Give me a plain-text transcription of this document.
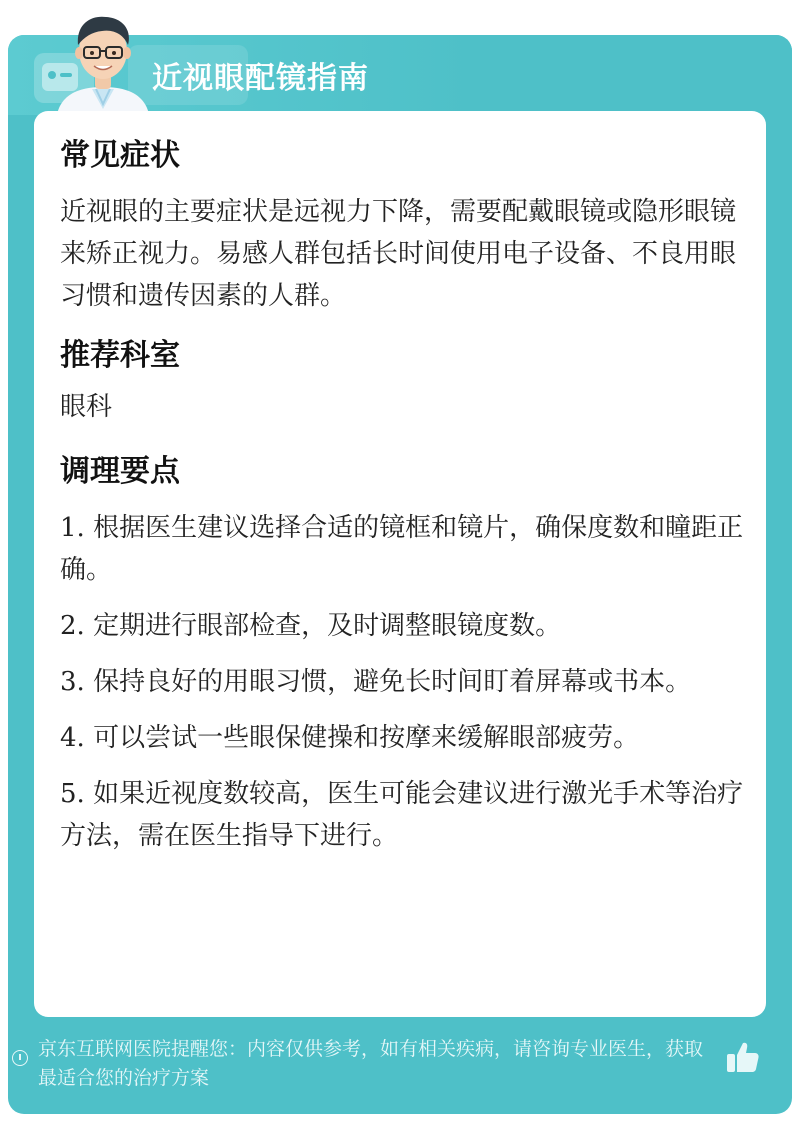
近视眼配镜指南
常见症状

近视眼的主要症状是远视力下降，需要配戴眼镜或隐形眼镜来矫正视力。易感人群包括长时间使用电子设备、不良用眼习惯和遗传因素的人群。

推荐科室
眼科
调理要点
1. 根据医生建议选择合适的镜框和镜片，确保度数和瞳距正确。
2. 定期进行眼部检查，及时调整眼镜度数。
3. 保持良好的用眼习惯，避免长时间盯着屏幕或书本。
4. 可以尝试一些眼保健操和按摩来缓解眼部疲劳。
5. 如果近视度数较高，医生可能会建议进行激光手术等治疗方法，需在医生指导下进行。
京东互联网医院提醒您：内容仅供参考，如有相关疾病，请咨询专业医生，获取最适合您的治疗方案
